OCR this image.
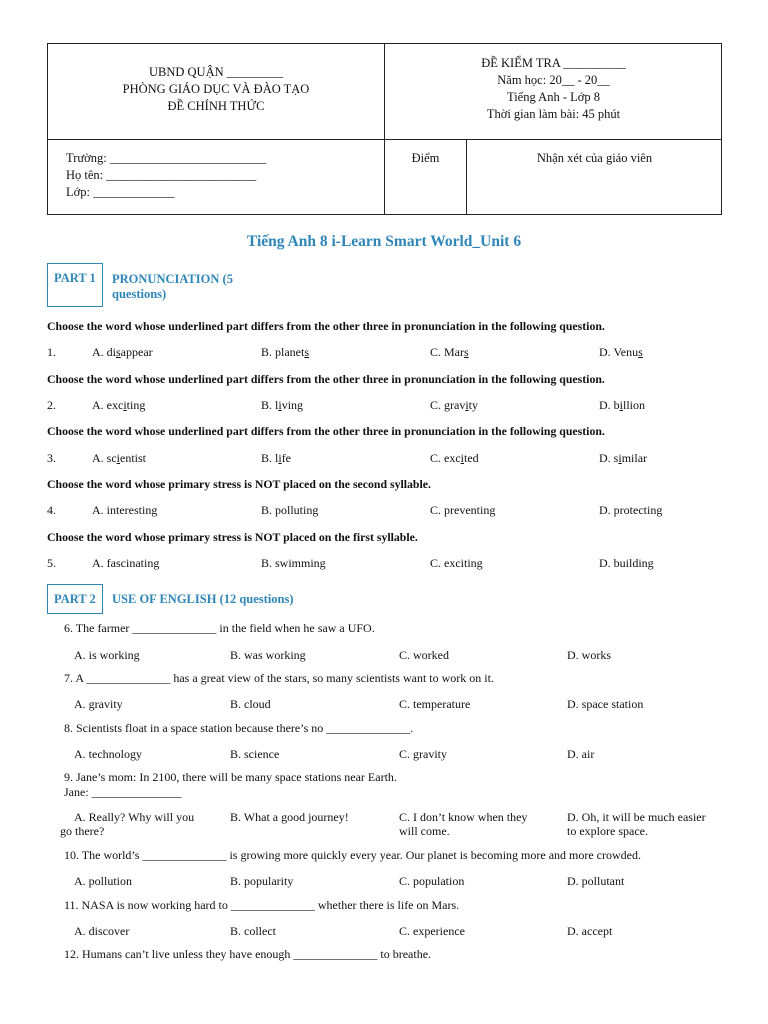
UBND QUẬN _________
PHÒNG GIÁO DỤC VÀ ĐÀO TẠO
ĐỀ CHÍNH THỨC
ĐỀ KIỂM TRA __________
Năm học: 20__ - 20__
Tiếng Anh - Lớp 8
Thời gian làm bài: 45 phút
Trường: _________________________
Họ tên: ________________________
Lớp: _____________
Điểm	Nhận xét của giáo viên
Tiếng Anh 8 i-Learn Smart World_Unit 6
PART 1	PRONUNCIATION (5
questions)
Choose the word whose underlined part differs from the other three in pronunciation in the following question.
1.	A. disappear	B. planets	C. Mars	D. Venus
Choose the word whose underlined part differs from the other three in pronunciation in the following question.
2.	A. exciting	B. living	C. gravity	D. billion
Choose the word whose underlined part differs from the other three in pronunciation in the following question.
3.	A. scientist	B. life	C. excited	D. similar
Choose the word whose primary stress is NOT placed on the second syllable.
4.	A. interesting	B. polluting	C. preventing	D. protecting
Choose the word whose primary stress is NOT placed on the first syllable.
5.	A. fascinating	B. swimming	C. exciting	D. building
PART 2	USE OF ENGLISH (12 questions)
6. The farmer ______________ in the field when he saw a UFO.
A. is working	B. was working	C. worked	D. works
7. A ______________ has a great view of the stars, so many scientists want to work on it.
A. gravity	B. cloud	C. temperature	D. space station
8. Scientists float in a space station because there’s no ______________.
A. technology	B. science	C. gravity	D. air
9. Jane’s mom: In 2100, there will be many space stations near Earth.
Jane: _______________
A. Really? Why will you
go there?
B. What a good journey!	C. I don’t know when they
will come.
D. Oh, it will be much easier
to explore space.
10. The world’s ______________ is growing more quickly every year. Our planet is becoming more and more crowded.
A. pollution	B. popularity	C. population	D. pollutant
11. NASA is now working hard to ______________ whether there is life on Mars.
A. discover	B. collect	C. experience	D. accept
12. Humans can’t live unless they have enough ______________ to breathe.
